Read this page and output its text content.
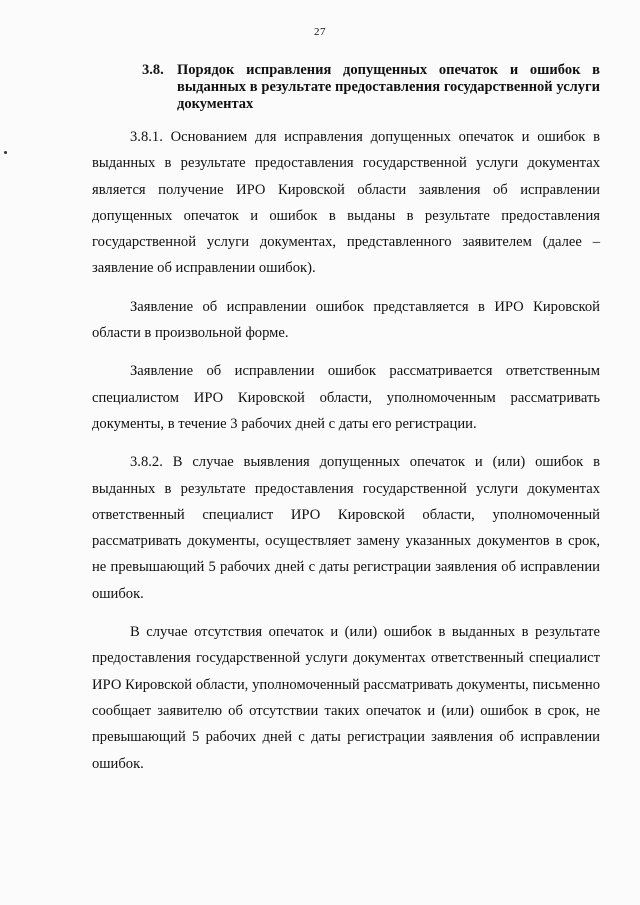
27
3.8. Порядок исправления допущенных опечаток и ошибок в выданных в результате предоставления государственной услуги документах

3.8.1. Основанием для исправления допущенных опечаток и ошибок в выданных в результате предоставления государственной услуги документах является получение ИРО Кировской области заявления об исправлении допущенных опечаток и ошибок в выданы в результате предоставления государственной услуги документах, представленного заявителем (далее – заявление об исправлении ошибок).

Заявление об исправлении ошибок представляется в ИРО Кировской области в произвольной форме.

Заявление об исправлении ошибок рассматривается ответственным специалистом ИРО Кировской области, уполномоченным рассматривать документы, в течение 3 рабочих дней с даты его регистрации.

3.8.2. В случае выявления допущенных опечаток и (или) ошибок в выданных в результате предоставления государственной услуги документах ответственный специалист ИРО Кировской области, уполномоченный рассматривать документы, осуществляет замену указанных документов в срок, не превышающий 5 рабочих дней с даты регистрации заявления об исправлении ошибок.

В случае отсутствия опечаток и (или) ошибок в выданных в результате предоставления государственной услуги документах ответственный специалист ИРО Кировской области, уполномоченный рассматривать документы, письменно сообщает заявителю об отсутствии таких опечаток и (или) ошибок в срок, не превышающий 5 рабочих дней с даты регистрации заявления об исправлении ошибок.
